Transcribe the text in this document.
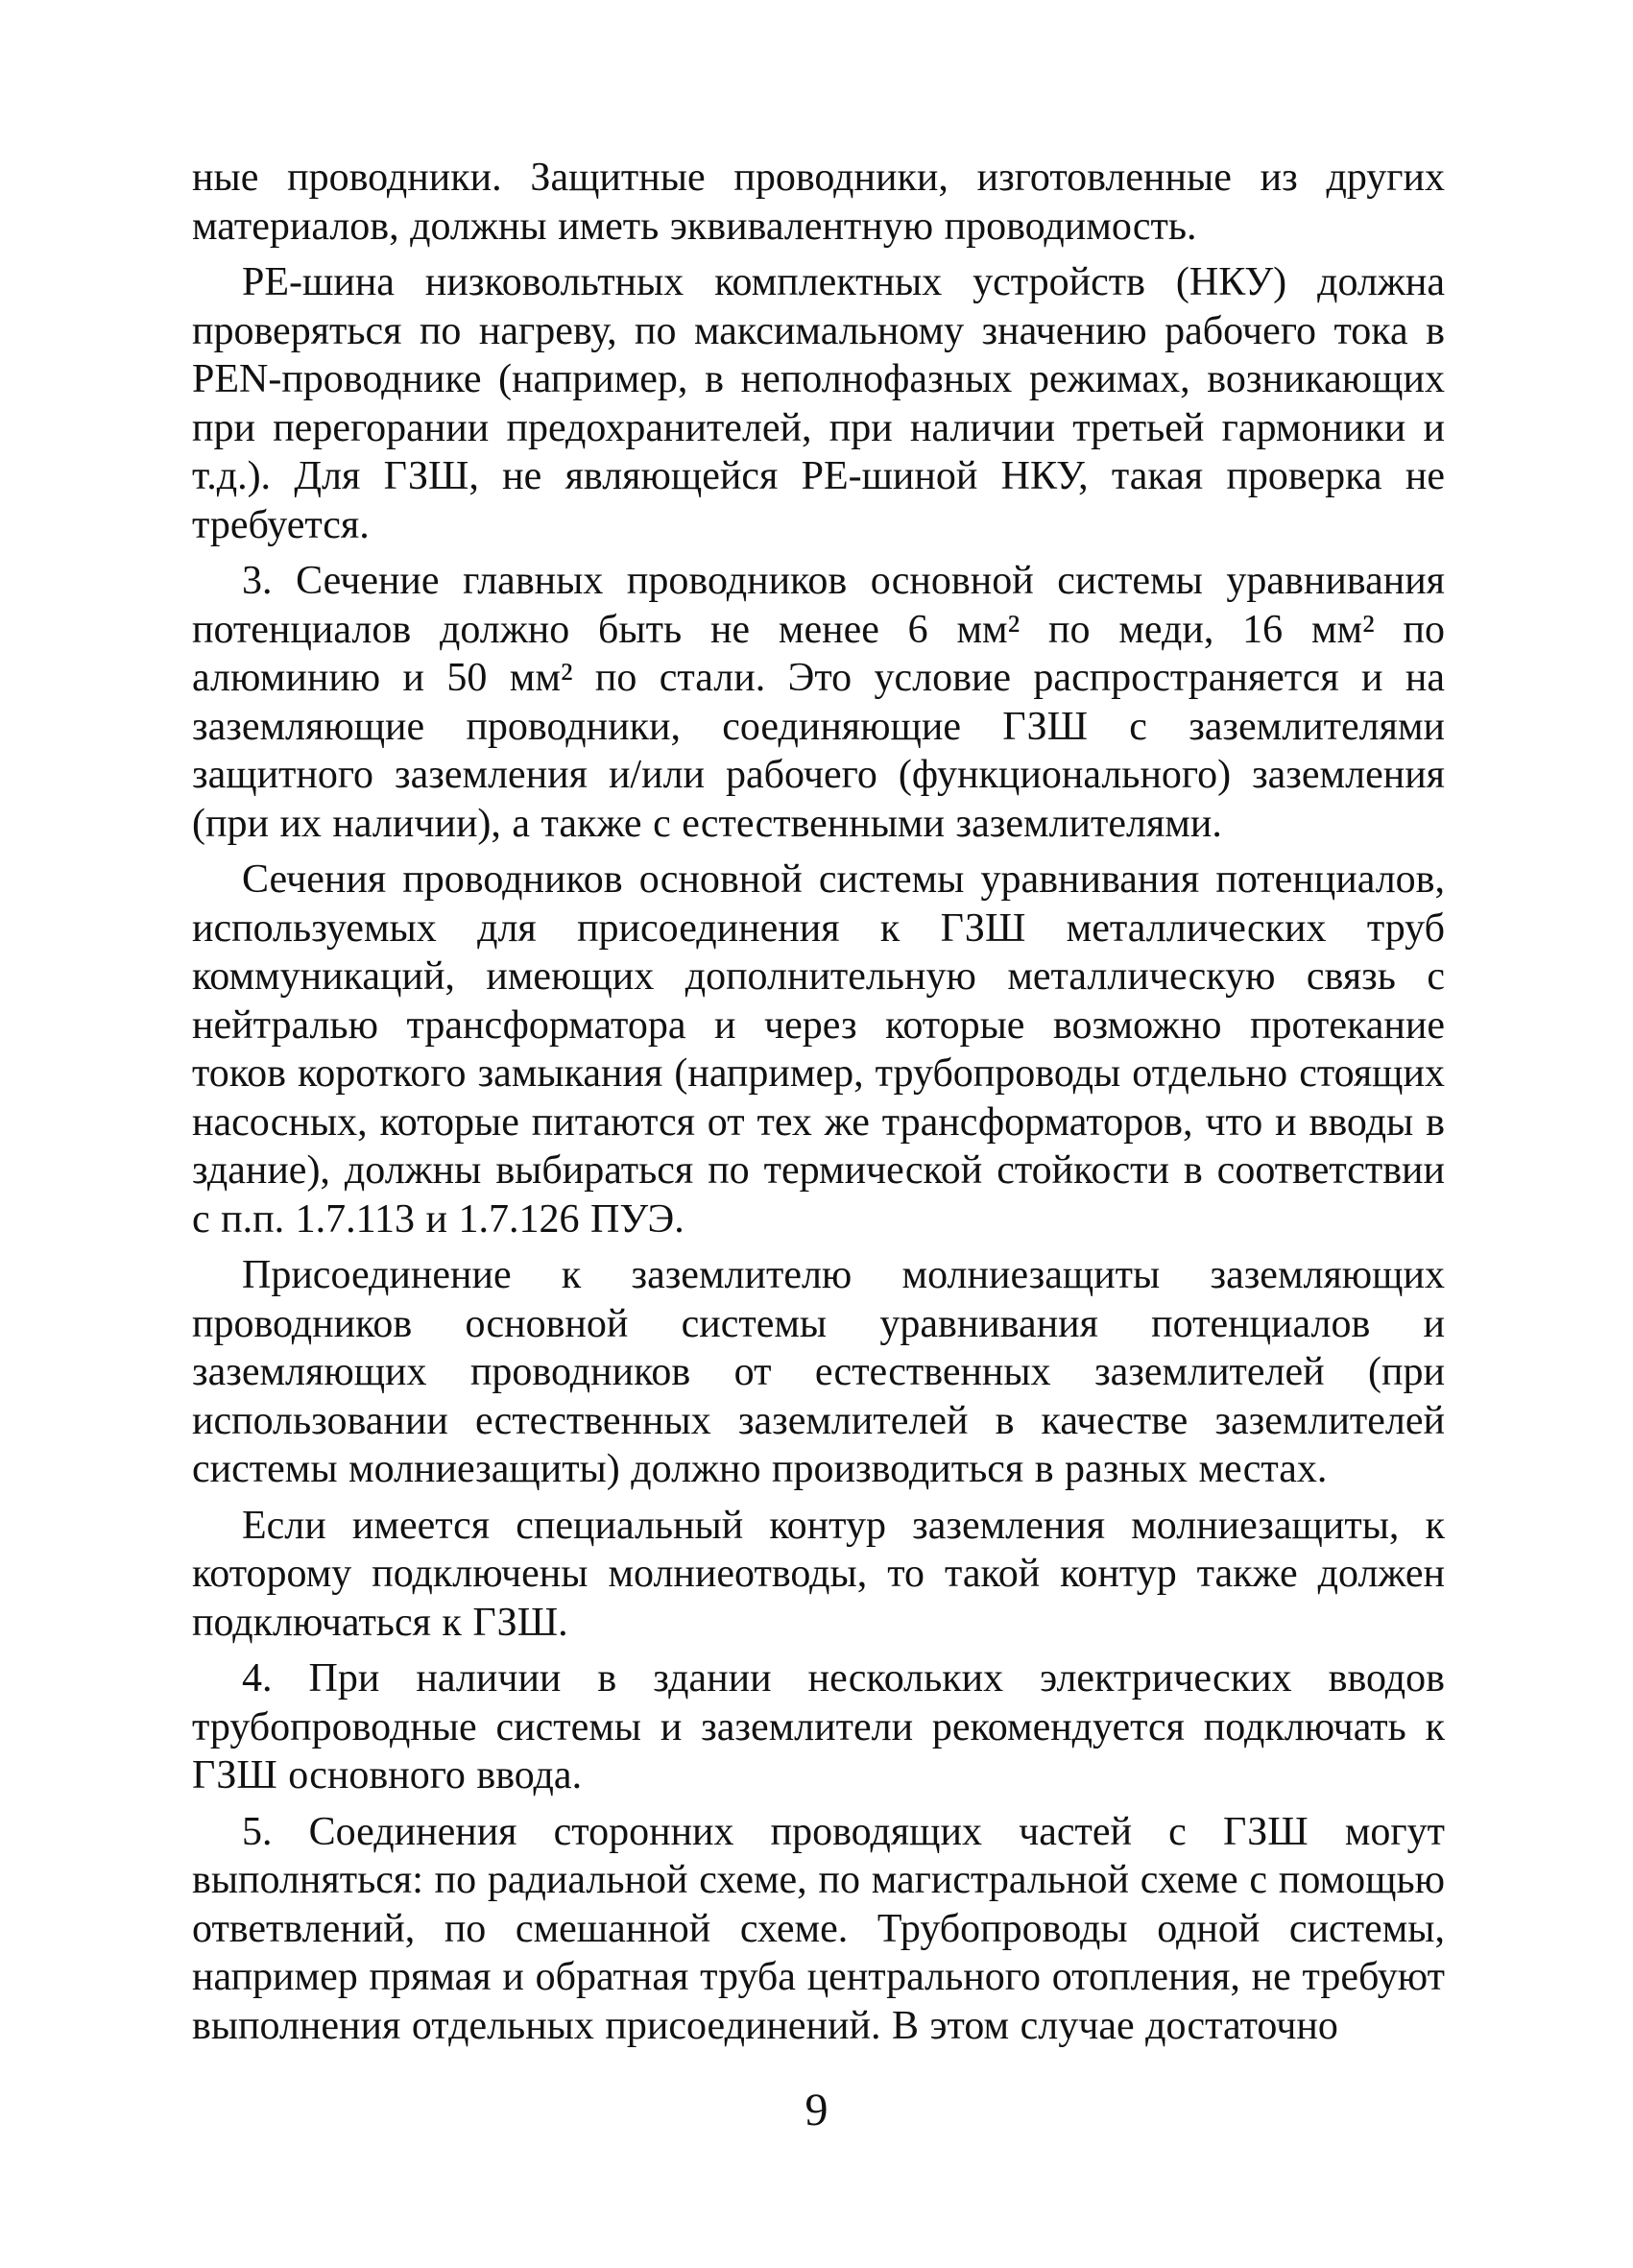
ные проводники. Защитные проводники, изготовленные из других материалов, должны иметь эквивалентную проводимость.

РЕ-шина низковольтных комплектных устройств (НКУ) должна проверяться по нагреву, по максимальному значению рабочего тока в PEN-проводнике (например, в неполнофазных режимах, возникающих при перегорании предохранителей, при наличии третьей гармоники и т.д.). Для ГЗШ, не являющейся РЕ-шиной НКУ, такая проверка не требуется.

3. Сечение главных проводников основной системы уравнивания потенциалов должно быть не менее 6 мм² по меди, 16 мм² по алюминию и 50 мм² по стали. Это условие распространяется и на заземляющие проводники, соединяющие ГЗШ с заземлителями защитного заземления и/или рабочего (функционального) заземления (при их наличии), а также с естественными заземлителями.

Сечения проводников основной системы уравнивания потенциалов, используемых для присоединения к ГЗШ металлических труб коммуникаций, имеющих дополнительную металлическую связь с нейтралью трансформатора и через которые возможно протекание токов короткого замыкания (например, трубопроводы отдельно стоящих насосных, которые питаются от тех же трансформаторов, что и вводы в здание), должны выбираться по термической стойкости в соответствии с п.п. 1.7.113 и 1.7.126 ПУЭ.

Присоединение к заземлителю молниезащиты заземляющих проводников основной системы уравнивания потенциалов и заземляющих проводников от естественных заземлителей (при использовании естественных заземлителей в качестве заземлителей системы молниезащиты) должно производиться в разных местах.

Если имеется специальный контур заземления молниезащиты, к которому подключены молниеотводы, то такой контур также должен подключаться к ГЗШ.

4. При наличии в здании нескольких электрических вводов трубопроводные системы и заземлители рекомендуется подключать к ГЗШ основного ввода.

5. Соединения сторонних проводящих частей с ГЗШ могут выполняться: по радиальной схеме, по магистральной схеме с помощью ответвлений, по смешанной схеме. Трубопроводы одной системы, например прямая и обратная труба центрального отопления, не требуют выполнения отдельных присоединений. В этом случае достаточно

9
